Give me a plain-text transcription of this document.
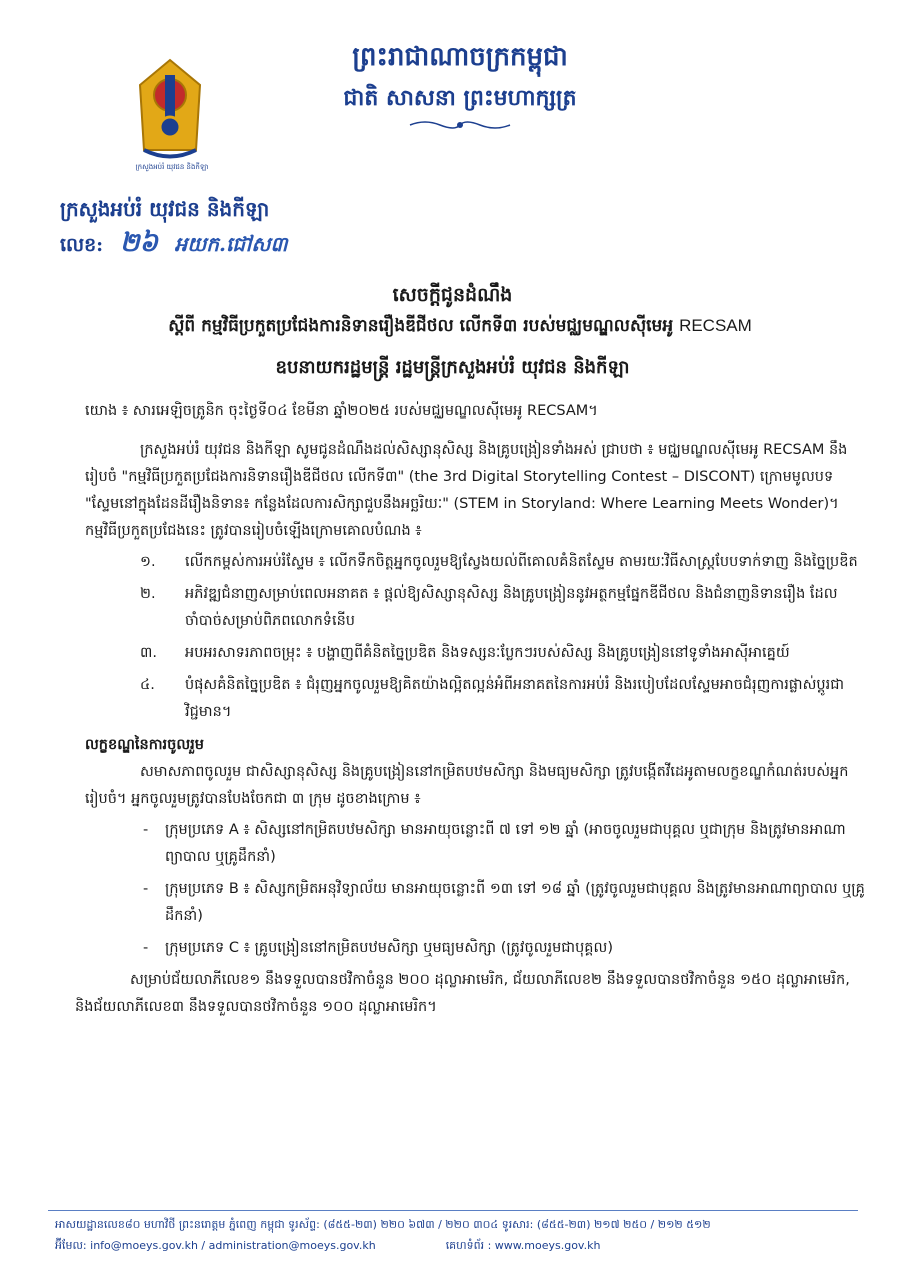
ព្រះរាជាណាចក្រកម្ពុជា
ជាតិ សាសនា ព្រះមហាក្សត្រ
ក្រសួងអប់រំ យុវជន និងកីឡា
ក្រសួងអប់រំ យុវជន និងកីឡា
លេខ: ២៦ អយក.ជៅស៣
សេចក្ដីជូនដំណឹង
ស្ដីពី កម្មវិធីប្រកួតប្រជែងការនិទានរឿងឌីជីថល លើកទី៣ របស់មជ្ឈមណ្ឌលស៊ីមេអូ RECSAM
ឧបនាយករដ្ឋមន្ត្រី រដ្ឋមន្ត្រីក្រសួងអប់រំ យុវជន និងកីឡា

យោង ៖ សារអេឡិចត្រូនិក ចុះថ្ងៃទី០៤ ខែមីនា ឆ្នាំ២០២៥ របស់មជ្ឈមណ្ឌលស៊ីមេអូ RECSAM។

ក្រសួងអប់រំ យុវជន និងកីឡា សូមជូនដំណឹងដល់សិស្សានុសិស្ស និងគ្រូបង្រៀនទាំងអស់ ជ្រាបថា ៖ មជ្ឈមណ្ឌលស៊ីមេអូ RECSAM នឹងរៀបចំ "កម្មវិធីប្រកួតប្រជែងការនិទានរឿងឌីជីថល លើកទី៣" (the 3rd Digital Storytelling Contest – DISCONT) ក្រោមមូលបទ "ស្ទែមនៅក្នុងដែនដីរឿងនិទាន៖ កន្លែងដែលការសិក្សាជួបនឹងអច្ឆរិយៈ" (STEM in Storyland: Where Learning Meets Wonder)។ កម្មវិធីប្រកួតប្រជែងនេះ ត្រូវបានរៀបចំឡើងក្រោមគោលបំណង ៖

១. លើកកម្ពស់ការអប់រំស្ទែម ៖ លើកទឹកចិត្តអ្នកចូលរួមឱ្យស្វែងយល់ពីគោលគំនិតស្ទែម តាមរយៈវិធីសាស្ត្របែបទាក់ទាញ និងច្នៃប្រឌិត
២. អភិវឌ្ឍជំនាញសម្រាប់ពេលអនាគត ៖ ផ្ដល់ឱ្យសិស្សានុសិស្ស និងគ្រូបង្រៀននូវអត្ថកម្មផ្នែកឌីជីថល និងជំនាញនិទានរឿង ដែលចាំបាច់សម្រាប់ពិភពលោកទំនើប
៣. អបអរសាទរភាពចម្រុះ ៖ បង្ហាញពីគំនិតច្នៃប្រឌិត និងទស្សនៈប្លែកៗរបស់សិស្ស និងគ្រូបង្រៀននៅទូទាំងអាស៊ីអាគ្នេយ៍
៤. បំផុសគំនិតច្នៃប្រឌិត ៖ ជំរុញអ្នកចូលរួមឱ្យគិតយ៉ាងល្អិតល្អន់អំពីអនាគតនៃការអប់រំ និងរបៀបដែលស្ទែមអាចជំរុញការផ្លាស់ប្ដូរជាវិជ្ជមាន។

លក្ខខណ្ឌនៃការចូលរួម

សមាសភាពចូលរួម ជាសិស្សានុសិស្ស និងគ្រូបង្រៀននៅកម្រិតបឋមសិក្សា និងមធ្យមសិក្សា ត្រូវបង្កើតវីដេអូតាមលក្ខខណ្ឌកំណត់របស់អ្នករៀបចំ។ អ្នកចូលរួមត្រូវបានបែងចែកជា ៣ ក្រុម ដូចខាងក្រោម ៖

- ក្រុមប្រភេទ A ៖ សិស្សនៅកម្រិតបឋមសិក្សា មានអាយុចន្លោះពី ៧ ទៅ ១២ ឆ្នាំ (អាចចូលរួមជាបុគ្គល ឬជាក្រុម និងត្រូវមានអាណាព្យាបាល ឬគ្រូដឹកនាំ)
- ក្រុមប្រភេទ B ៖ សិស្សកម្រិតអនុវិទ្យាល័យ មានអាយុចន្លោះពី ១៣ ទៅ ១៨ ឆ្នាំ (ត្រូវចូលរួមជាបុគ្គល និងត្រូវមានអាណាព្យាបាល ឬគ្រូដឹកនាំ)
- ក្រុមប្រភេទ C ៖ គ្រូបង្រៀននៅកម្រិតបឋមសិក្សា ឬមធ្យមសិក្សា (ត្រូវចូលរួមជាបុគ្គល)

សម្រាប់ជ័យលាភីលេខ១ នឹងទទួលបានថវិកាចំនួន ២០០ ដុល្លាអាមេរិក, ជ័យលាភីលេខ២ នឹងទទួលបានថវិកាចំនួន ១៥០ ដុល្លាអាមេរិក, និងជ័យលាភីលេខ៣ នឹងទទួលបានថវិកាចំនួន ១០០ ដុល្លាអាមេរិក។

អាសយដ្ឋានលេខ៨០ មហាវិថី ព្រះនរោត្តម ភ្នំពេញ កម្ពុជា ទូរស័ព្ទ: (៨៥៥-២៣) ២២០ ៦៧៣ / ២២០ ៣០៤ ទូរសារ: (៨៥៥-២៣) ២១៧ ២៥០ / ២១២ ៥១២
អ៊ីមែល: info@moeys.gov.kh / administration@moeys.gov.kh	គេហទំព័រ : www.moeys.gov.kh
